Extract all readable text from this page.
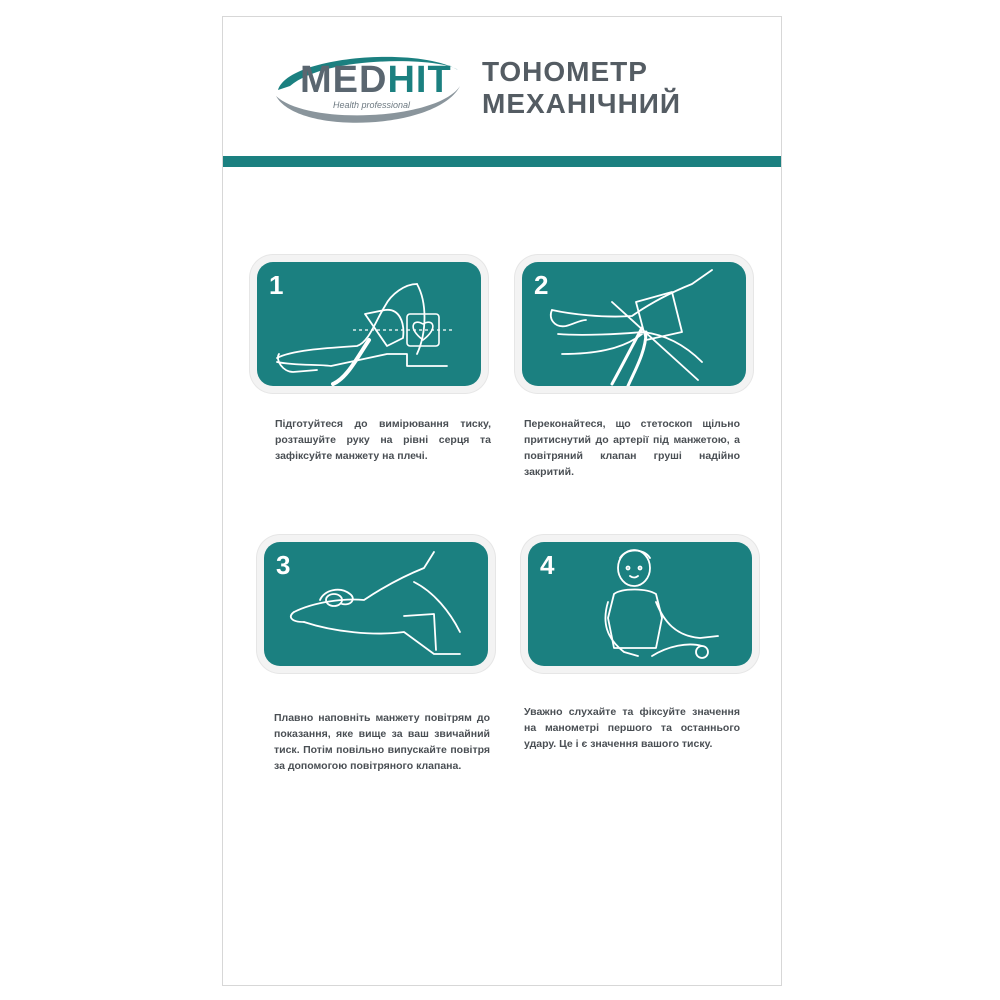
MEDHIT
Health professional
ТОНОМЕТР
МЕХАНІЧНИЙ
1
Підготуйтеся до вимірювання тиску, розташуйте руку на рівні серця та зафіксуйте манжету на плечі.
2
Переконайтеся, що стетоскоп щільно притиснутий до артерії під манжетою, а повітряний клапан груші надійно закритий.
3
Плавно наповніть манжету повітрям до показання, яке вище за ваш звичайний тиск. Потім повільно випускайте повітря за допомогою повітряного клапана.
4
Уважно слухайте та фіксуйте значення на манометрі першого та останнього удару. Це і є значення вашого тиску.
